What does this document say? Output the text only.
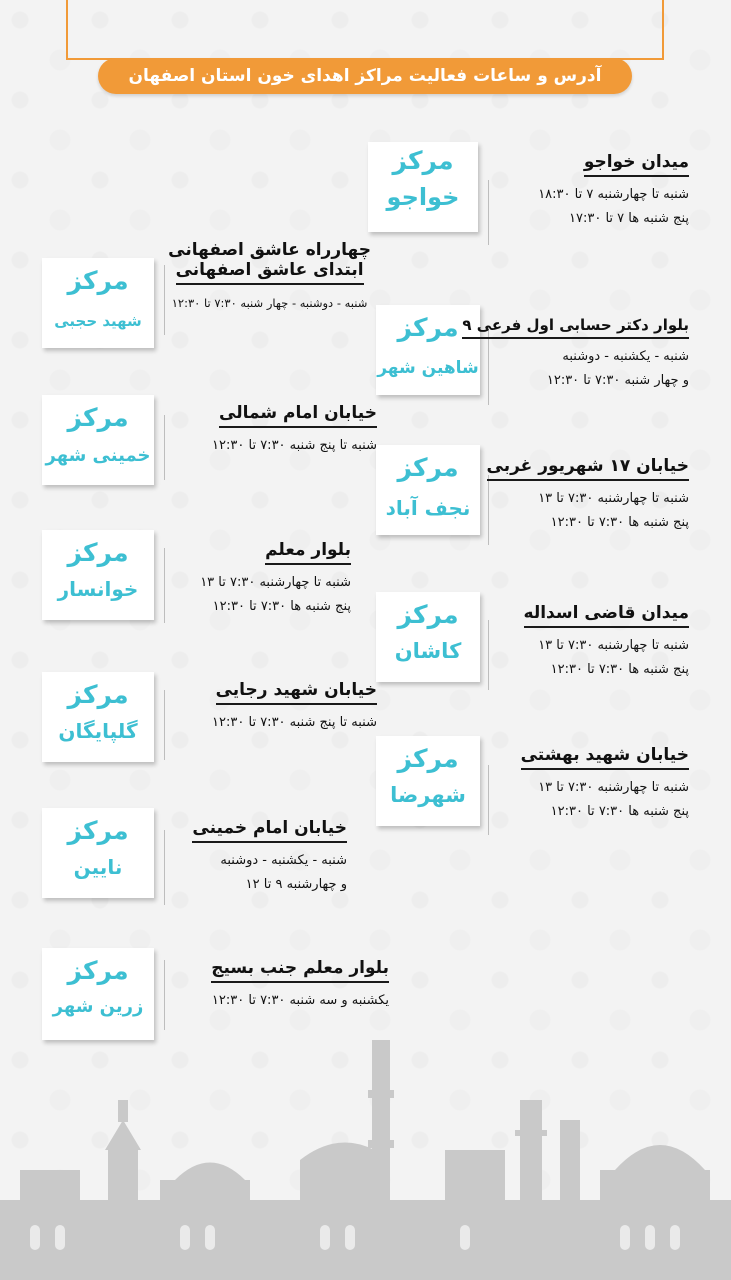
آدرس و ساعات فعالیت مراکز اهدای خون استان اصفهان
مرکز
خواجو
میدان خواجو
شنبه تا چهارشنبه ۷ تا ۱۸:۳۰
پنج شنبه ها ۷ تا ۱۷:۳۰
مرکز
شاهین شهر
بلوار دکتر حسابی اول فرعی ۹
شنبه - یکشنبه - دوشنبه
و چهار شنبه ۷:۳۰ تا ۱۲:۳۰
مرکز
نجف آباد
خیابان ۱۷ شهریور غربی
شنبه تا چهارشنبه ۷:۳۰ تا ۱۳
پنج شنبه ها ۷:۳۰ تا ۱۲:۳۰
مرکز
کاشان
میدان قاضی اسداله
شنبه تا چهارشنبه ۷:۳۰ تا ۱۳
پنج شنبه ها ۷:۳۰ تا ۱۲:۳۰
مرکز
شهرضا
خیابان شهید بهشتی
شنبه تا چهارشنبه ۷:۳۰ تا ۱۳
پنج شنبه ها ۷:۳۰ تا ۱۲:۳۰
مرکز
شهید حجبی
چهارراه عاشق اصفهانی
ابتدای عاشق اصفهانی
شنبه - دوشنبه - چهار شنبه ۷:۳۰ تا ۱۲:۳۰
مرکز
خمینی شهر
خیابان امام شمالی
شنبه تا پنج شنبه ۷:۳۰ تا ۱۲:۳۰
مرکز
خوانسار
بلوار معلم
شنبه تا چهارشنبه ۷:۳۰ تا ۱۳
پنج شنبه ها ۷:۳۰ تا ۱۲:۳۰
مرکز
گلپایگان
خیابان شهید رجایی
شنبه تا پنج شنبه ۷:۳۰ تا ۱۲:۳۰
مرکز
نایین
خیابان امام خمینی
شنبه - یکشنبه - دوشنبه
و چهارشنبه ۹ تا ۱۲
مرکز
زرین شهر
بلوار معلم جنب بسیج
یکشنبه و سه شنبه ۷:۳۰ تا ۱۲:۳۰
